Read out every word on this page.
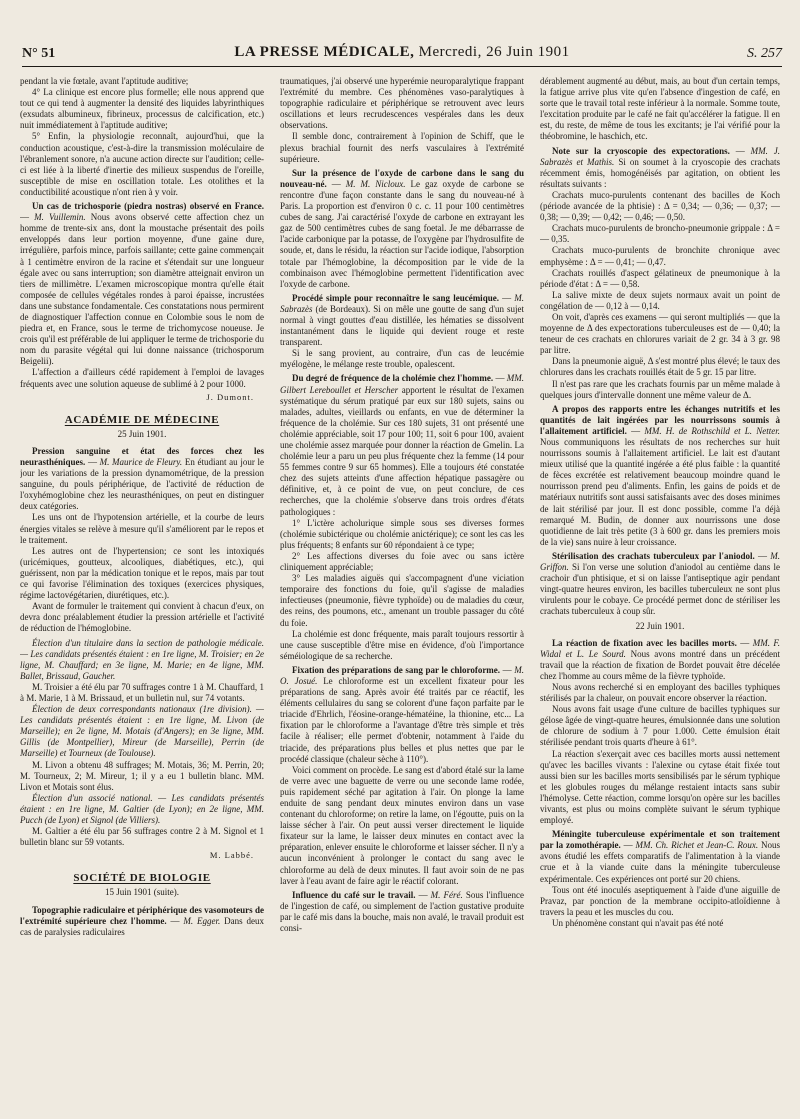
N° 51	LA PRESSE MÉDICALE, Mercredi, 26 Juin 1901	S. 257

pendant la vie fœtale, avant l'aptitude auditive;

4° La clinique est encore plus formelle; elle nous apprend que tout ce qui tend à augmenter la densité des liquides labyrinthiques (exsudats albumineux, fibrineux, processus de calcification, etc.) nuit immédiatement à l'aptitude auditive;

5° Enfin, la physiologie reconnaît, aujourd'hui, que la conduction acoustique, c'est-à-dire la transmission moléculaire de l'ébranlement sonore, n'a aucune action directe sur l'audition; celle-ci est liée à la liberté d'inertie des milieux suspendus de l'oreille, susceptible de mise en oscillation totale. Les otolithes et la conductibilité acoustique n'ont rien à y voir.

Un cas de trichosporie (piedra nostras) observé en France. — M. Vuillemin. Nous avons observé cette affection chez un homme de trente-six ans, dont la moustache présentait des poils enveloppés dans leur portion moyenne, d'une gaine dure, irrégulière, parfois mince, parfois saillante; cette gaine commençait à 1 centimètre environ de la racine et s'étendait sur une longueur égale avec ou sans interruption; son diamètre atteignait environ un tiers de millimètre. L'examen microscopique montra qu'elle était composée de cellules végétales rondes à paroi épaisse, incrustées dans une substance fondamentale. Ces constatations nous permirent de diagnostiquer l'affection connue en Colombie sous le nom de piedra et, en France, sous le terme de trichomycose noueuse. Je crois qu'il est préférable de lui appliquer le terme de trichosporie du nom du parasite végétal qui lui donne naissance (trichosporum Beigelii).

L'affection a d'ailleurs cédé rapidement à l'emploi de lavages fréquents avec une solution aqueuse de sublimé à 2 pour 1000.

J. Dumont.

ACADÉMIE DE MÉDECINE
25 Juin 1901.

Pression sanguine et état des forces chez les neurasthéniques. — M. Maurice de Fleury. En étudiant au jour le jour les variations de la pression dynamométrique, de la pression sanguine, du pouls périphérique, de l'activité de réduction de l'oxyhémoglobine chez les neurasthéniques, on peut en distinguer deux catégories.

Les uns ont de l'hypotension artérielle, et la courbe de leurs énergies vitales se relève à mesure qu'il s'améliorent par le repos et le traitement.

Les autres ont de l'hypertension; ce sont les intoxiqués (uricémiques, goutteux, alcooliques, diabétiques, etc.), qui guérissent, non par la médication tonique et le repos, mais par tout ce qui favorise l'élimination des toxiques (exercices physiques, régime lactovégétarien, diurétiques, etc.).

Avant de formuler le traitement qui convient à chacun d'eux, on devra donc préalablement étudier la pression artérielle et l'activité de réduction de l'hémoglobine.

Élection d'un titulaire dans la section de pathologie médicale. — Les candidats présentés étaient : en 1re ligne, M. Troisier; en 2e ligne, M. Chauffard; en 3e ligne, M. Marie; en 4e ligne, MM. Ballet, Brissaud, Gaucher.

M. Troisier a été élu par 70 suffrages contre 1 à M. Chauffard, 1 à M. Marie, 1 à M. Brissaud, et un bulletin nul, sur 74 votants.

Élection de deux correspondants nationaux (1re division). — Les candidats présentés étaient : en 1re ligne, M. Livon (de Marseille); en 2e ligne, M. Motais (d'Angers); en 3e ligne, MM. Gillis (de Montpellier), Mireur (de Marseille), Perrin (de Marseille) et Tourneux (de Toulouse).

M. Livon a obtenu 48 suffrages; M. Motais, 36; M. Perrin, 20; M. Tourneux, 2; M. Mireur, 1; il y a eu 1 bulletin blanc. MM. Livon et Motais sont élus.

Élection d'un associé national. — Les candidats présentés étaient : en 1re ligne, M. Galtier (de Lyon); en 2e ligne, MM. Pucch (de Lyon) et Signol (de Villiers).

M. Galtier a été élu par 56 suffrages contre 2 à M. Signol et 1 bulletin blanc sur 59 votants.

M. Labbé.

SOCIÉTÉ DE BIOLOGIE
15 Juin 1901 (suite).

Topographie radiculaire et périphérique des vasomoteurs de l'extrémité supérieure chez l'homme. — M. Egger. Dans deux cas de paralysies radiculaires

traumatiques, j'ai observé une hyperémie neuroparalytique frappant l'extrémité du membre. Ces phénomènes vaso-paralytiques à topographie radiculaire et périphérique se retrouvent avec leurs oscillations et leurs recrudescences vespérales dans les deux observations.

Il semble donc, contrairement à l'opinion de Schiff, que le plexus brachial fournit des nerfs vasculaires à l'extrémité supérieure.

Sur la présence de l'oxyde de carbone dans le sang du nouveau-né. — M. M. Nicloux. Le gaz oxyde de carbone se rencontre d'une façon constante dans le sang du nouveau-né à Paris. La proportion est d'environ 0 c. c. 11 pour 100 centimètres cubes de sang. J'ai caractérisé l'oxyde de carbone en extrayant les gaz de 500 centimètres cubes de sang foetal. Je me débarrasse de l'acide carbonique par la potasse, de l'oxygène par l'hydrosulfite de soude, et, dans le résidu, la réaction sur l'acide iodique, l'absorption totale par l'hémoglobine, la décomposition par le vide de la combinaison avec l'hémoglobine permettent l'identification avec l'oxyde de carbone.

Procédé simple pour reconnaître le sang leucémique. — M. Sabrazès (de Bordeaux). Si on mêle une goutte de sang d'un sujet normal à vingt gouttes d'eau distillée, les hématies se dissolvent instantanément dans le liquide qui devient rouge et reste transparent.

Si le sang provient, au contraire, d'un cas de leucémie myélogène, le mélange reste trouble, opalescent.

Du degré de fréquence de la cholémie chez l'homme. — MM. Gilbert Lereboullet et Herscher apportent le résultat de l'examen systématique du sérum pratiqué par eux sur 180 sujets, sains ou malades, adultes, vieillards ou enfants, en vue de déterminer la fréquence de la cholémie. Sur ces 180 sujets, 31 ont présenté une cholémie appréciable, soit 17 pour 100; 11, soit 6 pour 100, avaient une cholémie assez marquée pour donner la réaction de Gmelin. La cholémie leur a paru un peu plus fréquente chez la femme (14 pour 55 femmes contre 9 sur 65 hommes). Elle a toujours été constatée chez des sujets atteints d'une affection hépatique passagère ou définitive, et, à ce point de vue, on peut conclure, de ces recherches, que la cholémie s'observe dans trois ordres d'états pathologiques :

1° L'ictère acholurique simple sous ses diverses formes (cholémie subictérique ou cholémie anictérique); ce sont les cas les plus fréquents; 8 enfants sur 60 répondaient à ce type;

2° Les affections diverses du foie avec ou sans ictère cliniquement appréciable;

3° Les maladies aiguës qui s'accompagnent d'une viciation temporaire des fonctions du foie, qu'il s'agisse de maladies infectieuses (pneumonie, fièvre typhoïde) ou de maladies du cœur, des reins, des poumons, etc., amenant un trouble passager du côté du foie.

La cholémie est donc fréquente, mais paraît toujours ressortir à une cause susceptible d'être mise en évidence, d'où l'importance séméiologique de sa recherche.

Fixation des préparations de sang par le chloroforme. — M. O. Josué. Le chloroforme est un excellent fixateur pour les préparations de sang. Après avoir été traités par ce réactif, les éléments cellulaires du sang se colorent d'une façon parfaite par le triacide d'Ehrlich, l'éosine-orange-hématéine, la thionine, etc... La fixation par le chloroforme a l'avantage d'être très simple et très facile à réaliser; elle permet d'obtenir, notamment à l'aide du triacide, des préparations plus belles et plus nettes que par le procédé classique (chaleur sèche à 110°).

Voici comment on procède. Le sang est d'abord étalé sur la lame de verre avec une baguette de verre ou une seconde lame rodée, puis rapidement séché par agitation à l'air. On plonge la lame enduite de sang pendant deux minutes environ dans un vase contenant du chloroforme; on retire la lame, on l'égoutte, puis on la laisse sécher à l'air. On peut aussi verser directement le liquide fixateur sur la lame, le laisser deux minutes en contact avec la préparation, enlever ensuite le chloroforme et laisser sécher. Il n'y a aucun inconvénient à prolonger le contact du sang avec le chloroforme au delà de deux minutes. Il faut avoir soin de ne pas laver à l'eau avant de faire agir le réactif colorant.

Influence du café sur le travail. — M. Féré. Sous l'influence de l'ingestion de café, ou simplement de l'action gustative produite par le café mis dans la bouche, mais non avalé, le travail produit est consi-

dérablement augmenté au début, mais, au bout d'un certain temps, la fatigue arrive plus vite qu'en l'absence d'ingestion de café, en sorte que le travail total reste inférieur à la normale. Somme toute, l'excitation produite par le café ne fait qu'accélérer la fatigue. Il en est, du reste, de même de tous les excitants; je l'ai vérifié pour la théobromine, le haschich, etc.

Note sur la cryoscopie des expectorations. — MM. J. Sabrazès et Mathis. Si on soumet à la cryoscopie des crachats récemment émis, homogénéisés par agitation, on obtient les résultats suivants :

Crachats muco-purulents contenant des bacilles de Koch (période avancée de la phtisie) : Δ = 0,34; — 0,36; — 0,37; — 0,38; — 0,39; — 0,42; — 0,46; — 0,50.

Crachats muco-purulents de broncho-pneumonie grippale : Δ = — 0,35.

Crachats muco-purulents de bronchite chronique avec emphysème : Δ = — 0,41; — 0,47.

Crachats rouillés d'aspect gélatineux de pneumonique à la période d'état : Δ = — 0,58.

La salive mixte de deux sujets normaux avait un point de congélation de — 0,12 à — 0,14.

On voit, d'après ces examens — qui seront multipliés — que la moyenne de Δ des expectorations tuberculeuses est de — 0,40; la teneur de ces crachats en chlorures variait de 2 gr. 34 à 3 gr. 98 par litre.

Dans la pneumonie aiguë, Δ s'est montré plus élevé; le taux des chlorures dans les crachats rouillés était de 5 gr. 15 par litre.

Il n'est pas rare que les crachats fournis par un même malade à quelques jours d'intervalle donnent une même valeur de Δ.

A propos des rapports entre les échanges nutritifs et les quantités de lait ingérées par les nourrissons soumis à l'allaitement artificiel. — MM. H. de Rothschild et L. Netter. Nous communiquons les résultats de nos recherches sur huit nourrissons soumis à l'allaitement artificiel. Le lait est d'autant mieux utilisé que la quantité ingérée a été plus faible : la quantité de fèces excrétée est relativement beaucoup moindre quand le nourrisson prend peu d'aliments. Enfin, les gains de poids et de matériaux nutritifs sont aussi satisfaisants avec des doses minimes de lait stérilisé par jour. Il est donc possible, comme l'a déjà remarqué M. Budin, de donner aux nourrissons une dose quotidienne de lait très petite (3 à 600 gr. dans les premiers mois de la vie) sans nuire à leur croissance.

Stérilisation des crachats tuberculeux par l'aniodol. — M. Griffon. Si l'on verse une solution d'aniodol au centième dans le crachoir d'un phtisique, et si on laisse l'antiseptique agir pendant vingt-quatre heures environ, les bacilles tuberculeux ne sont plus virulents pour le cobaye. Ce procédé permet donc de stériliser les crachats tuberculeux à coup sûr.

22 Juin 1901.

La réaction de fixation avec les bacilles morts. — MM. F. Widal et L. Le Sourd. Nous avons montré dans un précédent travail que la réaction de fixation de Bordet pouvait être décelée chez l'homme au cours même de la fièvre typhoïde.

Nous avons recherché si en employant des bacilles typhiques stérilisés par la chaleur, on pouvait encore observer la réaction.

Nous avons fait usage d'une culture de bacilles typhiques sur gélose âgée de vingt-quatre heures, émulsionnée dans une solution de chlorure de sodium à 7 pour 1.000. Cette émulsion était stérilisée pendant trois quarts d'heure à 61°.

La réaction s'exerçait avec ces bacilles morts aussi nettement qu'avec les bacilles vivants : l'alexine ou cytase était fixée tout aussi bien sur les bacilles morts sensibilisés par le sérum typhique et les globules rouges du mélange restaient intacts sans subir l'hémolyse. Cette réaction, comme lorsqu'on opère sur les bacilles vivants, est plus ou moins complète suivant le sérum typhique employé.

Méningite tuberculeuse expérimentale et son traitement par la zomothérapie. — MM. Ch. Richet et Jean-C. Roux. Nous avons étudié les effets comparatifs de l'alimentation à la viande crue et à la viande cuite dans la méningite tuberculeuse expérimentale. Ces expériences ont porté sur 20 chiens.

Tous ont été inoculés aseptiquement à l'aide d'une aiguille de Pravaz, par ponction de la membrane occipito-atloïdienne à travers la peau et les muscles du cou.

Un phénomène constant qui n'avait pas été noté
